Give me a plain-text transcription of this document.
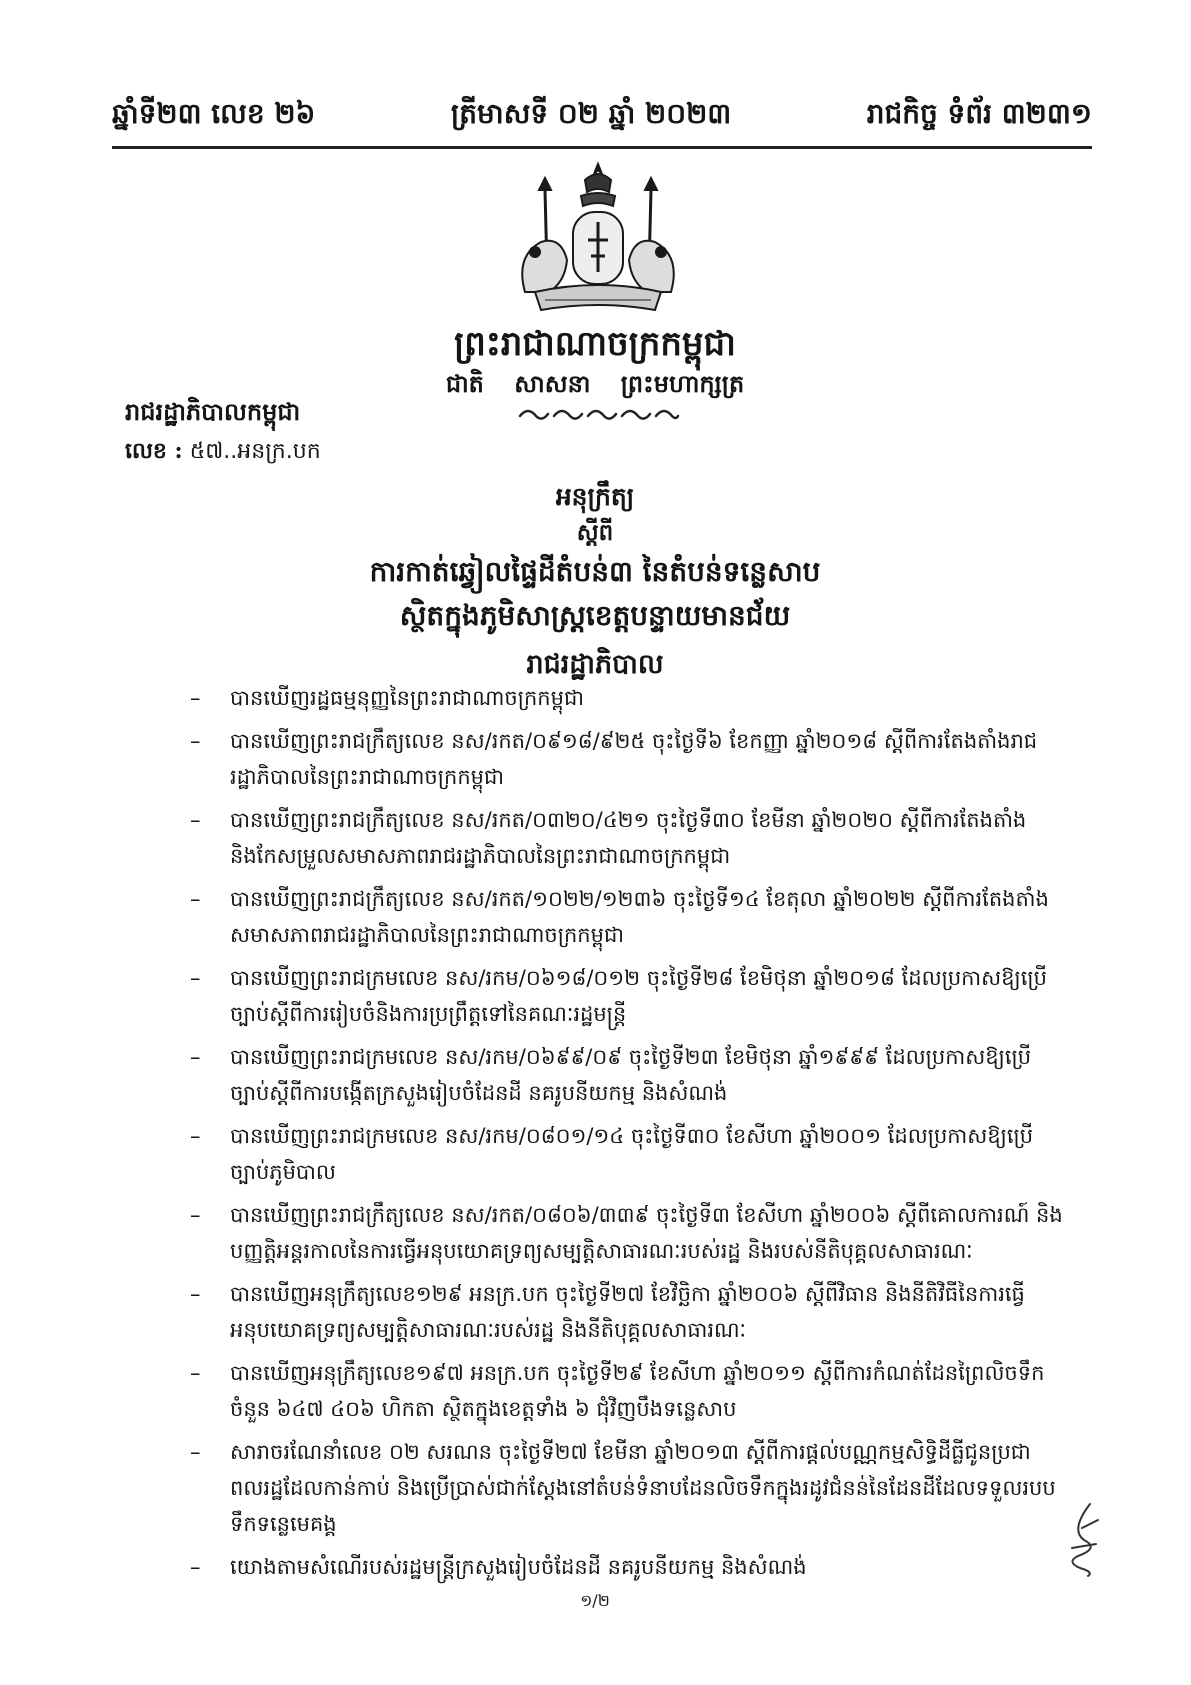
ឆ្នាំទី២៣ លេខ ២៦	ត្រីមាសទី ០២ ឆ្នាំ ២០២៣	រាជកិច្ច ទំព័រ ៣២៣១
ព្រះរាជាណាចក្រកម្ពុជា
ជាតិ សាសនា ព្រះមហាក្សត្រ
រាជរដ្ឋាភិបាលកម្ពុជា
លេខ : ៥៧..អនក្រ.បក
អនុក្រឹត្យ
ស្តីពី
ការកាត់ឆ្វៀលផ្ទៃដីតំបន់៣ នៃតំបន់ទន្លេសាប
ស្ថិតក្នុងភូមិសាស្ត្រខេត្តបន្ទាយមានជ័យ
រាជរដ្ឋាភិបាល
– បានឃើញរដ្ឋធម្មនុញ្ញនៃព្រះរាជាណាចក្រកម្ពុជា
– បានឃើញព្រះរាជក្រឹត្យលេខ នស/រកត/០៩១៨/៩២៥ ចុះថ្ងៃទី៦ ខែកញ្ញា ឆ្នាំ២០១៨ ស្តីពីការតែងតាំងរាជរដ្ឋាភិបាលនៃព្រះរាជាណាចក្រកម្ពុជា
– បានឃើញព្រះរាជក្រឹត្យលេខ នស/រកត/០៣២០/៤២១ ចុះថ្ងៃទី៣០ ខែមីនា ឆ្នាំ២០២០ ស្តីពីការតែងតាំង និងកែសម្រួលសមាសភាពរាជរដ្ឋាភិបាលនៃព្រះរាជាណាចក្រកម្ពុជា
– បានឃើញព្រះរាជក្រឹត្យលេខ នស/រកត/១០២២/១២៣៦ ចុះថ្ងៃទី១៤ ខែតុលា ឆ្នាំ២០២២ ស្តីពីការតែងតាំងសមាសភាពរាជរដ្ឋាភិបាលនៃព្រះរាជាណាចក្រកម្ពុជា
– បានឃើញព្រះរាជក្រមលេខ នស/រកម/០៦១៨/០១២ ចុះថ្ងៃទី២៨ ខែមិថុនា ឆ្នាំ២០១៨ ដែលប្រកាសឱ្យប្រើច្បាប់ស្តីពីការរៀបចំនិងការប្រព្រឹត្តទៅនៃគណៈរដ្ឋមន្ត្រី
– បានឃើញព្រះរាជក្រមលេខ នស/រកម/០៦៩៩/០៩ ចុះថ្ងៃទី២៣ ខែមិថុនា ឆ្នាំ១៩៩៩ ដែលប្រកាសឱ្យប្រើច្បាប់ស្តីពីការបង្កើតក្រសួងរៀបចំដែនដី នគរូបនីយកម្ម និងសំណង់
– បានឃើញព្រះរាជក្រមលេខ នស/រកម/០៨០១/១៤ ចុះថ្ងៃទី៣០ ខែសីហា ឆ្នាំ២០០១ ដែលប្រកាសឱ្យប្រើច្បាប់ភូមិបាល
– បានឃើញព្រះរាជក្រឹត្យលេខ នស/រកត/០៨០៦/៣៣៩ ចុះថ្ងៃទី៣ ខែសីហា ឆ្នាំ២០០៦ ស្តីពីគោលការណ៍ និងបញ្ញត្តិអន្តរកាលនៃការធ្វើអនុបយោគទ្រព្យសម្បត្តិសាធារណៈរបស់រដ្ឋ និងរបស់នីតិបុគ្គលសាធារណៈ
– បានឃើញអនុក្រឹត្យលេខ១២៩ អនក្រ.បក ចុះថ្ងៃទី២៧ ខែវិច្ឆិកា ឆ្នាំ២០០៦ ស្តីពីវិធាន និងនីតិវិធីនៃការធ្វើអនុបយោគទ្រព្យសម្បត្តិសាធារណៈរបស់រដ្ឋ និងនីតិបុគ្គលសាធារណៈ
– បានឃើញអនុក្រឹត្យលេខ១៩៧ អនក្រ.បក ចុះថ្ងៃទី២៩ ខែសីហា ឆ្នាំ២០១១ ស្តីពីការកំណត់ដែនព្រៃលិចទឹកចំនួន ៦៤៧ ៤០៦ ហិកតា ស្ថិតក្នុងខេត្តទាំង ៦ ជុំវិញបឹងទន្លេសាប
– សារាចរណែនាំលេខ ០២ សរណន ចុះថ្ងៃទី២៧ ខែមីនា ឆ្នាំ២០១៣ ស្តីពីការផ្តល់បណ្ណកម្មសិទ្ធិដីធ្លីជូនប្រជាពលរដ្ឋដែលកាន់កាប់ និងប្រើប្រាស់ជាក់ស្តែងនៅតំបន់ទំនាបដែនលិចទឹកក្នុងរដូវជំនន់នៃដែនដីដែលទទួលរបបទឹកទន្លេមេគង្គ
– យោងតាមសំណើរបស់រដ្ឋមន្ត្រីក្រសួងរៀបចំដែនដី នគរូបនីយកម្ម និងសំណង់
១/២
